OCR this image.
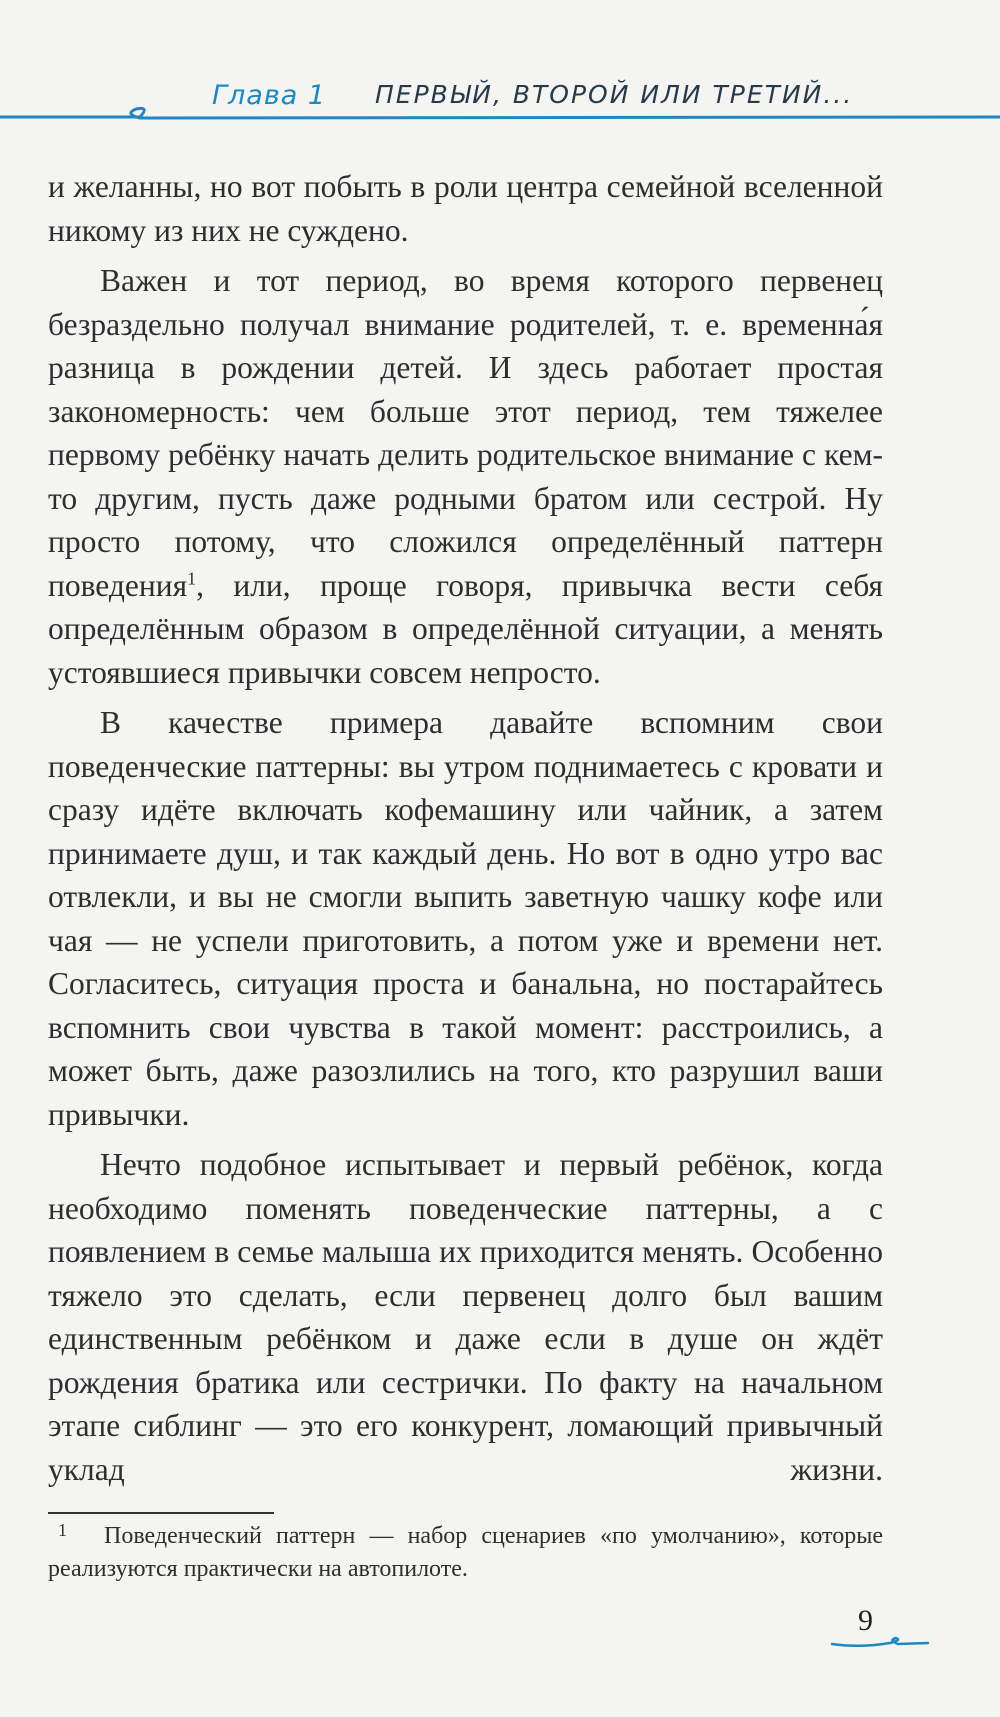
Глава 1 ПЕРВЫЙ, ВТОРОЙ ИЛИ ТРЕТИЙ...

и желанны, но вот побыть в роли центра семейной вселенной никому из них не суждено.

Важен и тот период, во время которого первенец безраздельно получал внимание родителей, т. е. временна́я разница в рождении детей. И здесь работает простая закономерность: чем больше этот период, тем тяжелее первому ребёнку начать делить родительское внимание с кем-то другим, пусть даже родными братом или сестрой. Ну просто потому, что сложился определённый паттерн поведения$^1$, или, проще говоря, привычка вести себя определённым образом в определённой ситуации, а менять устоявшиеся привычки совсем непросто.

В качестве примера давайте вспомним свои поведенческие паттерны: вы утром поднимаетесь с кровати и сразу идёте включать кофемашину или чайник, а затем принимаете душ, и так каждый день. Но вот в одно утро вас отвлекли, и вы не смогли выпить заветную чашку кофе или чая — не успели приготовить, а потом уже и времени нет. Согласитесь, ситуация проста и банальна, но постарайтесь вспомнить свои чувства в такой момент: расстроились, а может быть, даже разозлились на того, кто разрушил ваши привычки.

Нечто подобное испытывает и первый ребёнок, когда необходимо поменять поведенческие паттерны, а с появлением в семье малыша их приходится менять. Особенно тяжело это сделать, если первенец долго был вашим единственным ребёнком и даже если в душе он ждёт рождения братика или сестрички. По факту на начальном этапе сиблинг — это его конкурент, ломающий привычный уклад жизни.

1	Поведенческий паттерн — набор сценариев «по умолчанию», которые реализуются практически на автопилоте.
9
